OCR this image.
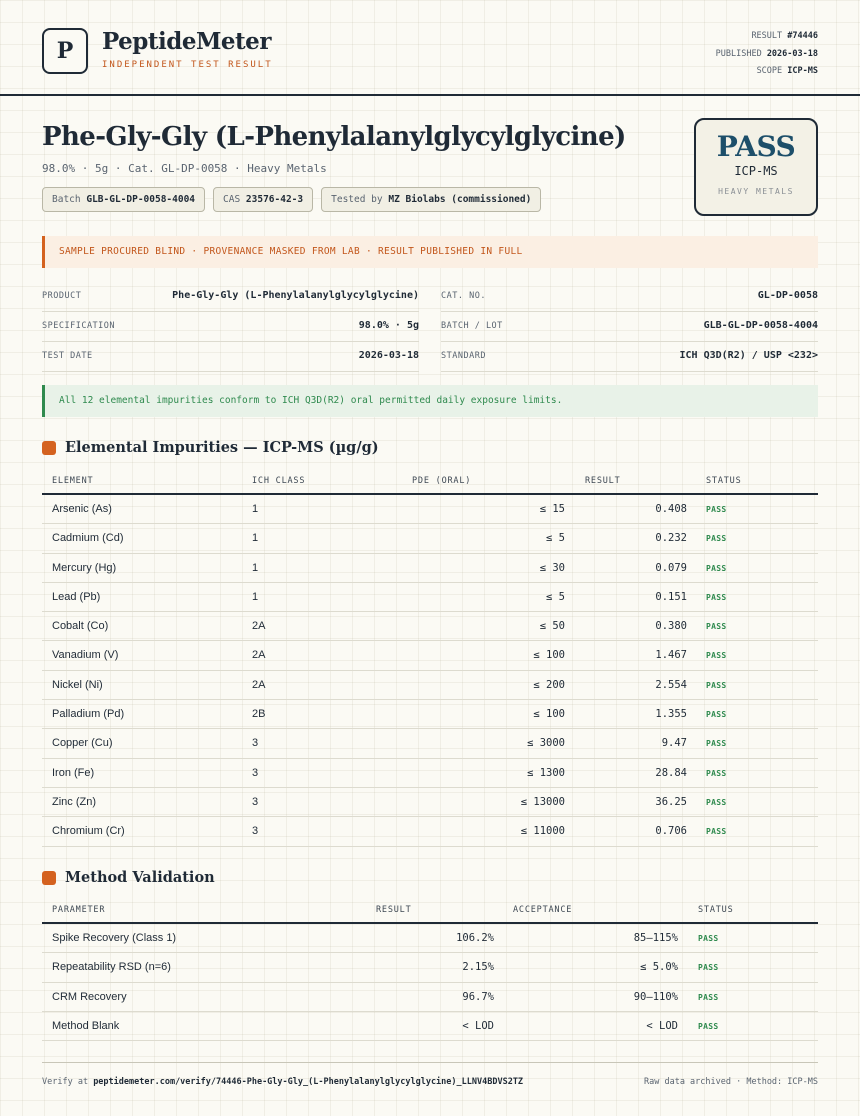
P	PeptideMeter
INDEPENDENT TEST RESULT
RESULT #74446
PUBLISHED 2026-03-18
SCOPE ICP-MS
Phe-Gly-Gly (L-Phenylalanylglycylglycine)
98.0% · 5g · Cat. GL-DP-0058 · Heavy Metals
Batch GLB-GL-DP-0058-4004	CAS 23576-42-3	Tested by MZ Biolabs (commissioned)
PASS
ICP-MS
HEAVY METALS
SAMPLE PROCURED BLIND · PROVENANCE MASKED FROM LAB · RESULT PUBLISHED IN FULL
PRODUCT	Phe-Gly-Gly (L-Phenylalanylglycylglycine)
SPECIFICATION	98.0% · 5g
TEST DATE	2026-03-18
CAT. NO.	GL-DP-0058
BATCH / LOT	GLB-GL-DP-0058-4004
STANDARD	ICH Q3D(R2) / USP <232>
All 12 elemental impurities conform to ICH Q3D(R2) oral permitted daily exposure limits.
Elemental Impurities — ICP-MS (µg/g)
ELEMENT	ICH CLASS	PDE (ORAL)	RESULT	STATUS
Arsenic (As)	1	≤ 15	0.408 PASS
Cadmium (Cd)	1	≤ 5	0.232 PASS
Mercury (Hg)	1	≤ 30	0.079 PASS
Lead (Pb)	1	≤ 5	0.151 PASS
Cobalt (Co)	2A	≤ 50	0.380 PASS
Vanadium (V)	2A	≤ 100	1.467 PASS
Nickel (Ni)	2A	≤ 200	2.554 PASS
Palladium (Pd)	2B	≤ 100	1.355 PASS
Copper (Cu)	3	≤ 3000	9.47 PASS
Iron (Fe)	3	≤ 1300	28.84 PASS
Zinc (Zn)	3	≤ 13000	36.25 PASS
Chromium (Cr)	3	≤ 11000	0.706 PASS
Method Validation
PARAMETER	RESULT	ACCEPTANCE	STATUS
Spike Recovery (Class 1)	106.2%	85–115%	PASS
Repeatability RSD (n=6)	2.15%	≤ 5.0%	PASS
CRM Recovery	96.7%	90–110%	PASS
Method Blank	< LOD	< LOD	PASS
Verify at peptidemeter.com/verify/74446-Phe-Gly-Gly_(L-Phenylalanylglycylglycine)_LLNV4BDVS2TZ	Raw data archived · Method: ICP-MS
